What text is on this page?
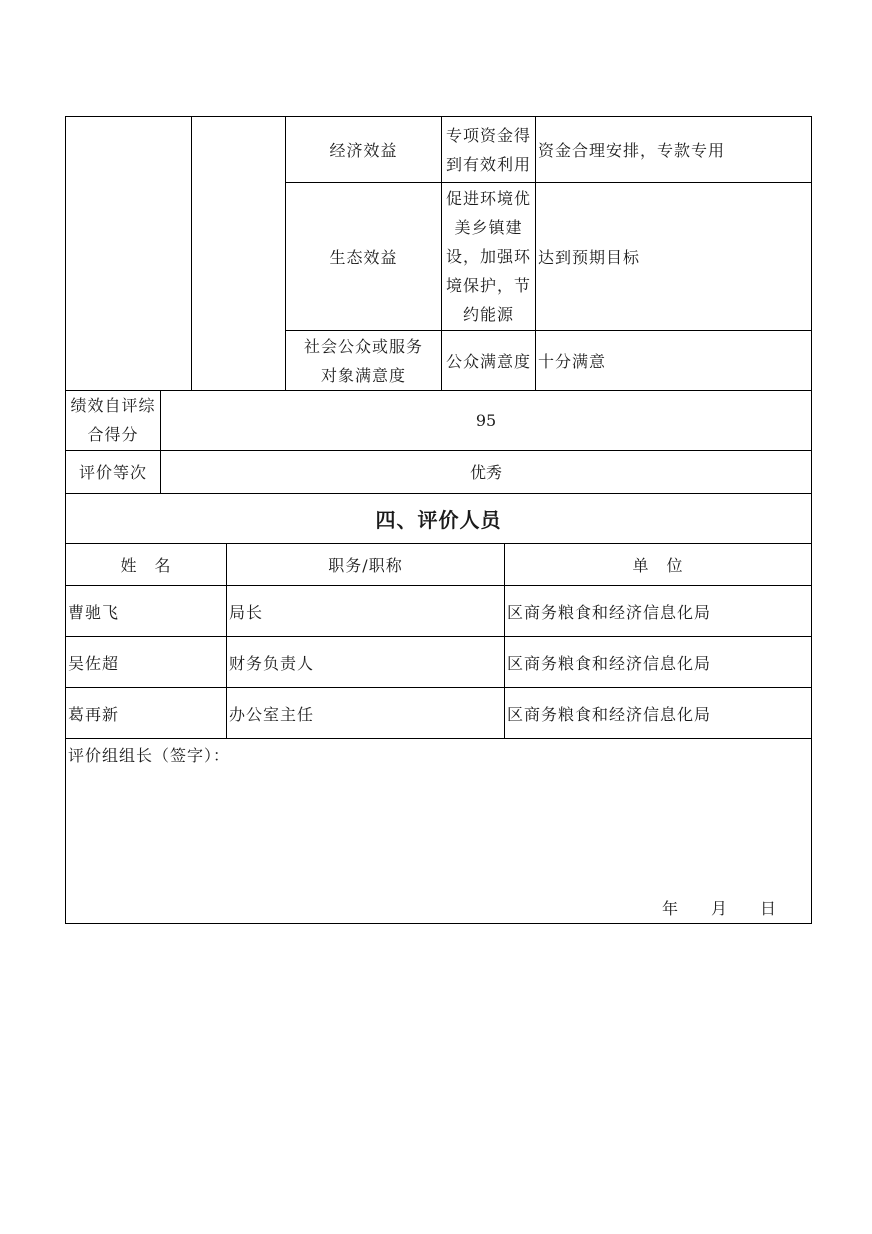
		经济效益	专项资金得到有效利用	资金合理安排，专款专用
		生态效益	促进环境优美乡镇建设，加强环境保护，节约能源	达到预期目标
		社会公众或服务对象满意度	公众满意度	十分满意
绩效自评综合得分	95
评价等次	优秀
四、评价人员	
姓　名	职务/职称	单　位
曹驰飞	局长	区商务粮食和经济信息化局
吴佐超	财务负责人	区商务粮食和经济信息化局
葛再新	办公室主任	区商务粮食和经济信息化局

评价组组长（签字）：
年 月 日		
